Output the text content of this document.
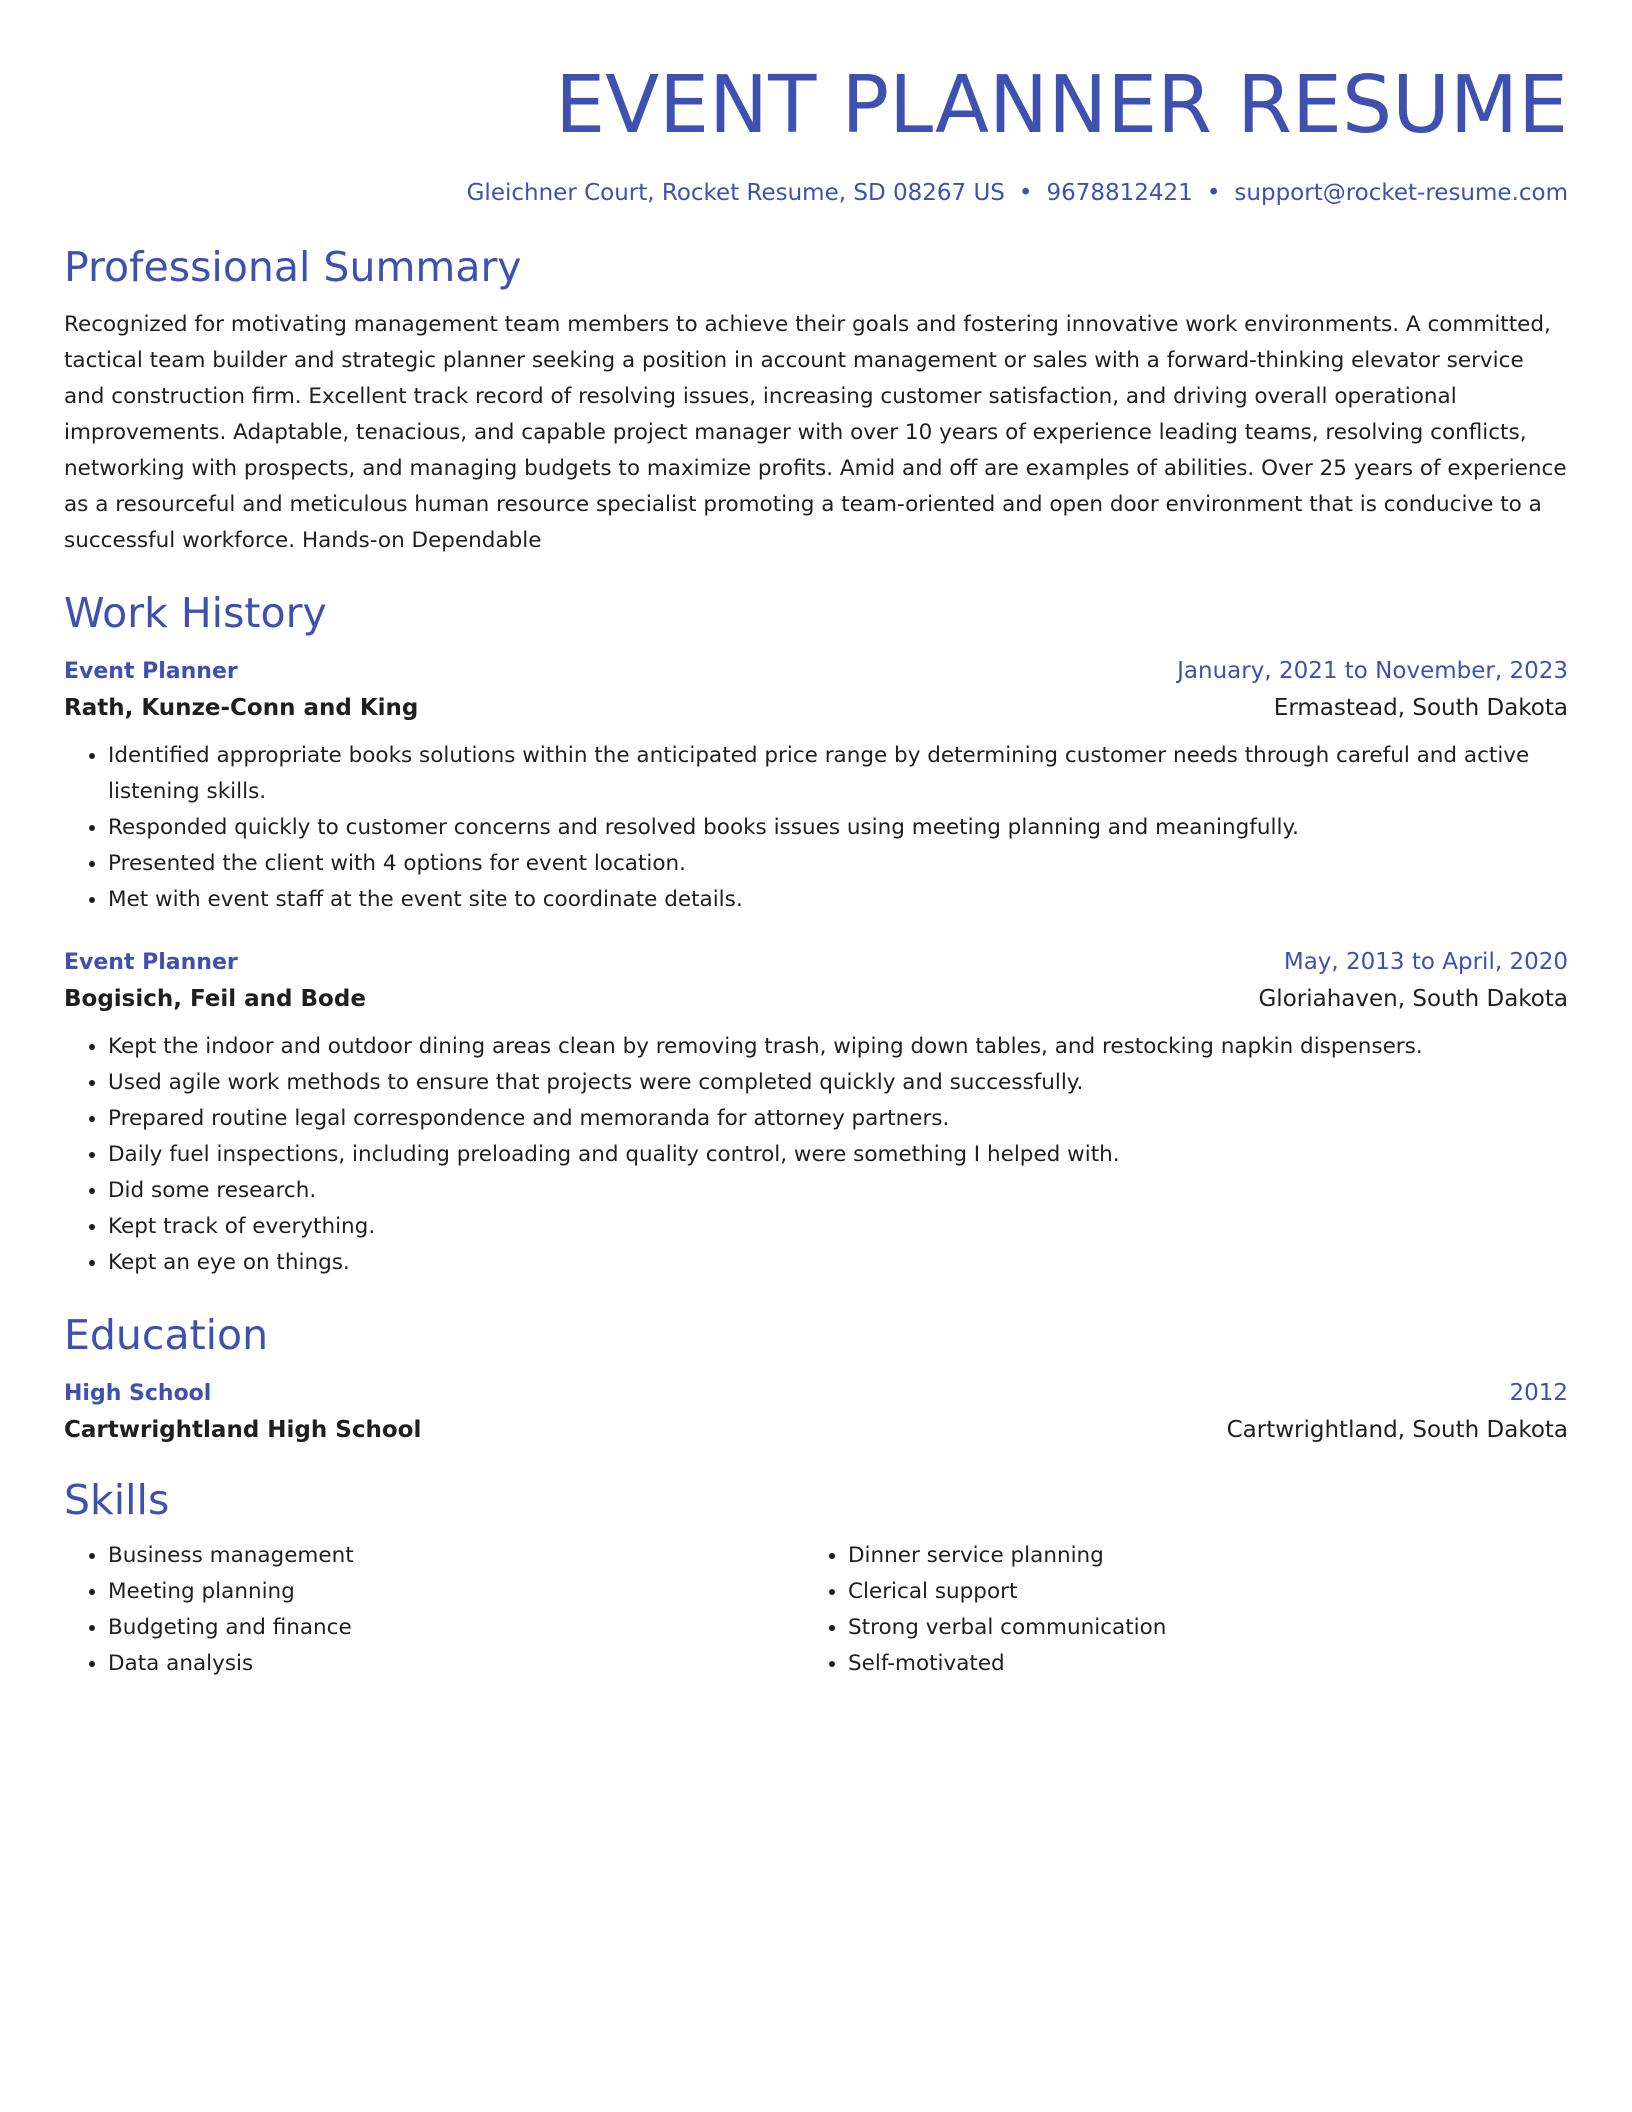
EVENT PLANNER RESUME
Gleichner Court, Rocket Resume, SD 08267 US • 9678812421 • support@rocket-resume.com
Professional Summary
Recognized for motivating management team members to achieve their goals and fostering innovative work environments. A committed, tactical team builder and strategic planner seeking a position in account management or sales with a forward-thinking elevator service and construction firm. Excellent track record of resolving issues, increasing customer satisfaction, and driving overall operational improvements. Adaptable, tenacious, and capable project manager with over 10 years of experience leading teams, resolving conflicts, networking with prospects, and managing budgets to maximize profits. Amid and off are examples of abilities. Over 25 years of experience as a resourceful and meticulous human resource specialist promoting a team-oriented and open door environment that is conducive to a successful workforce. Hands-on Dependable
Work History
Event Planner	January, 2021 to November, 2023
Rath, Kunze-Conn and King	Ermastead, South Dakota
• Identified appropriate books solutions within the anticipated price range by determining customer needs through careful and active listening skills.
• Responded quickly to customer concerns and resolved books issues using meeting planning and meaningfully.
• Presented the client with 4 options for event location.
• Met with event staff at the event site to coordinate details.
Event Planner	May, 2013 to April, 2020
Bogisich, Feil and Bode	Gloriahaven, South Dakota
• Kept the indoor and outdoor dining areas clean by removing trash, wiping down tables, and restocking napkin dispensers.
• Used agile work methods to ensure that projects were completed quickly and successfully.
• Prepared routine legal correspondence and memoranda for attorney partners.
• Daily fuel inspections, including preloading and quality control, were something I helped with.
• Did some research.
• Kept track of everything.
• Kept an eye on things.
Education
High School	2012
Cartwrightland High School	Cartwrightland, South Dakota
Skills
• Business management
• Meeting planning
• Budgeting and finance
• Data analysis
• Dinner service planning
• Clerical support
• Strong verbal communication
• Self-motivated
